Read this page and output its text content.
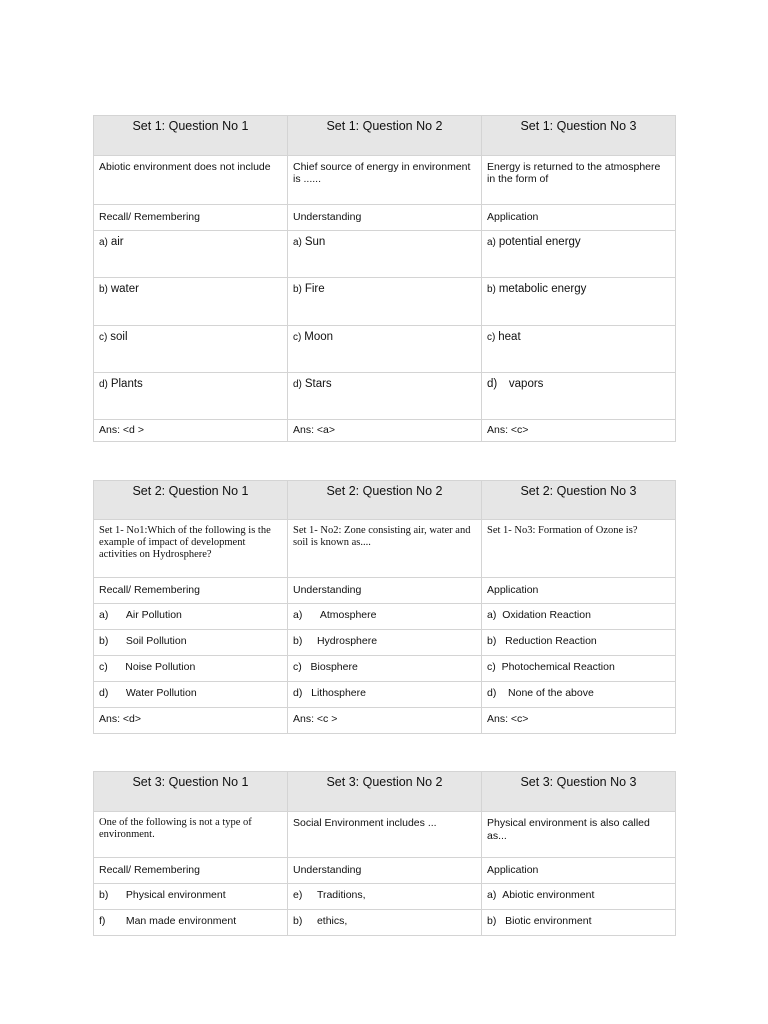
Set 1: Question No 1	Set 1: Question No 2	Set 1: Question No 3
Abiotic environment does not include	Chief source of energy in environment is ......	Energy is returned to the atmosphere in the form of
Recall/ Remembering	Understanding	Application
a) air	a) Sun	a) potential energy
b) water	b) Fire	b) metabolic energy
c) soil	c) Moon	c) heat
d) Plants	d) Stars	d) vapors
Ans: <d >	Ans: <a>	Ans: <c>
Set 2: Question No 1	Set 2: Question No 2	Set 2: Question No 3
Set 1- No1:Which of the following is the example of impact of development activities on Hydrosphere?	Set 1- No2: Zone consisting air, water and soil is known as....	Set 1- No3: Formation of Ozone is?
Recall/ Remembering	Understanding	Application
a) Air Pollution	a) Atmosphere	a) Oxidation Reaction
b) Soil Pollution	b) Hydrosphere	b) Reduction Reaction
c) Noise Pollution	c) Biosphere	c) Photochemical Reaction
d) Water Pollution	d) Lithosphere	d) None of the above
Ans: <d>	Ans: <c >	Ans: <c>
Set 3: Question No 1	Set 3: Question No 2	Set 3: Question No 3
One of the following is not a type of environment.	Social Environment includes ...	Physical environment is also called as...
Recall/ Remembering	Understanding	Application
b) Physical environment	e) Traditions,	a) Abiotic environment
f) Man made environment	b) ethics,	b) Biotic environment
